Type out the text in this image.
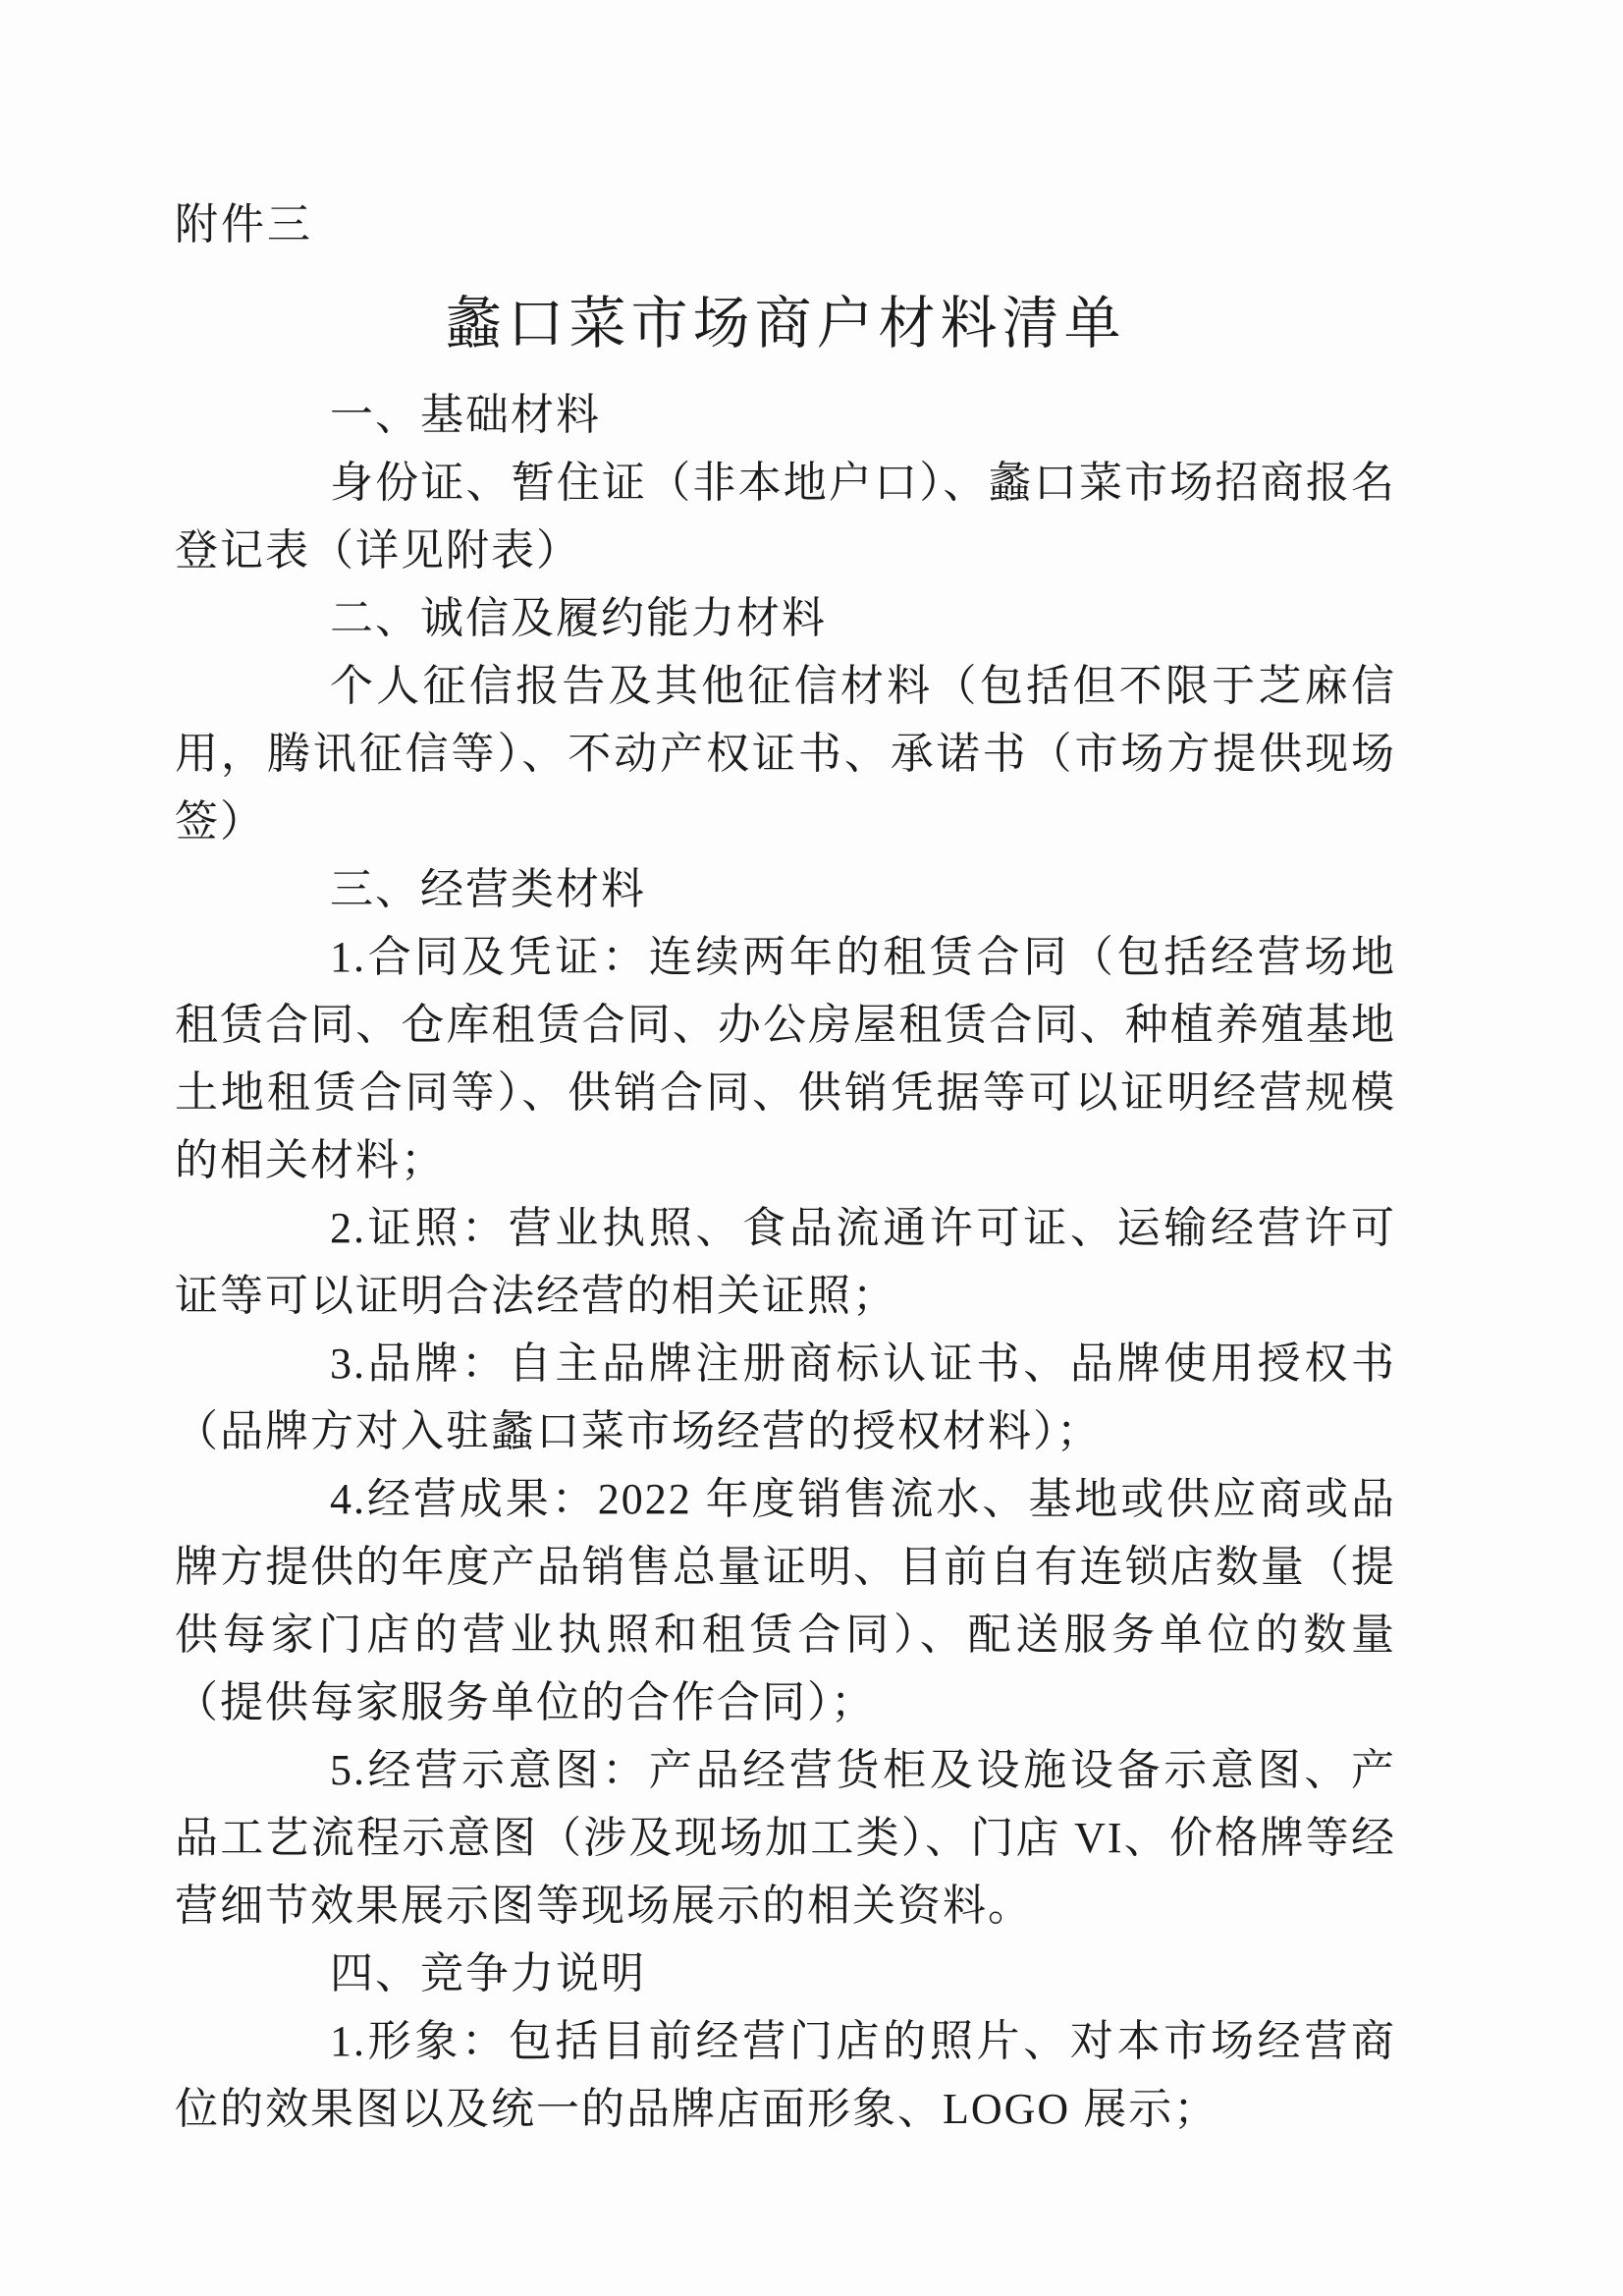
附件三

蠡口菜市场商户材料清单

一、基础材料

身份证、暂住证（非本地户口）、蠡口菜市场招商报名登记表（详见附表）

二、诚信及履约能力材料

个人征信报告及其他征信材料（包括但不限于芝麻信用，腾讯征信等）、不动产权证书、承诺书（市场方提供现场签）

三、经营类材料

1.合同及凭证：连续两年的租赁合同（包括经营场地租赁合同、仓库租赁合同、办公房屋租赁合同、种植养殖基地土地租赁合同等）、供销合同、供销凭据等可以证明经营规模的相关材料；

2.证照：营业执照、食品流通许可证、运输经营许可证等可以证明合法经营的相关证照；

3.品牌：自主品牌注册商标认证书、品牌使用授权书（品牌方对入驻蠡口菜市场经营的授权材料）；

4.经营成果：2022 年度销售流水、基地或供应商或品牌方提供的年度产品销售总量证明、目前自有连锁店数量（提供每家门店的营业执照和租赁合同）、配送服务单位的数量（提供每家服务单位的合作合同）；

5.经营示意图：产品经营货柜及设施设备示意图、产品工艺流程示意图（涉及现场加工类）、门店 VI、价格牌等经营细节效果展示图等现场展示的相关资料。

四、竞争力说明

1.形象：包括目前经营门店的照片、对本市场经营商位的效果图以及统一的品牌店面形象、LOGO 展示；
